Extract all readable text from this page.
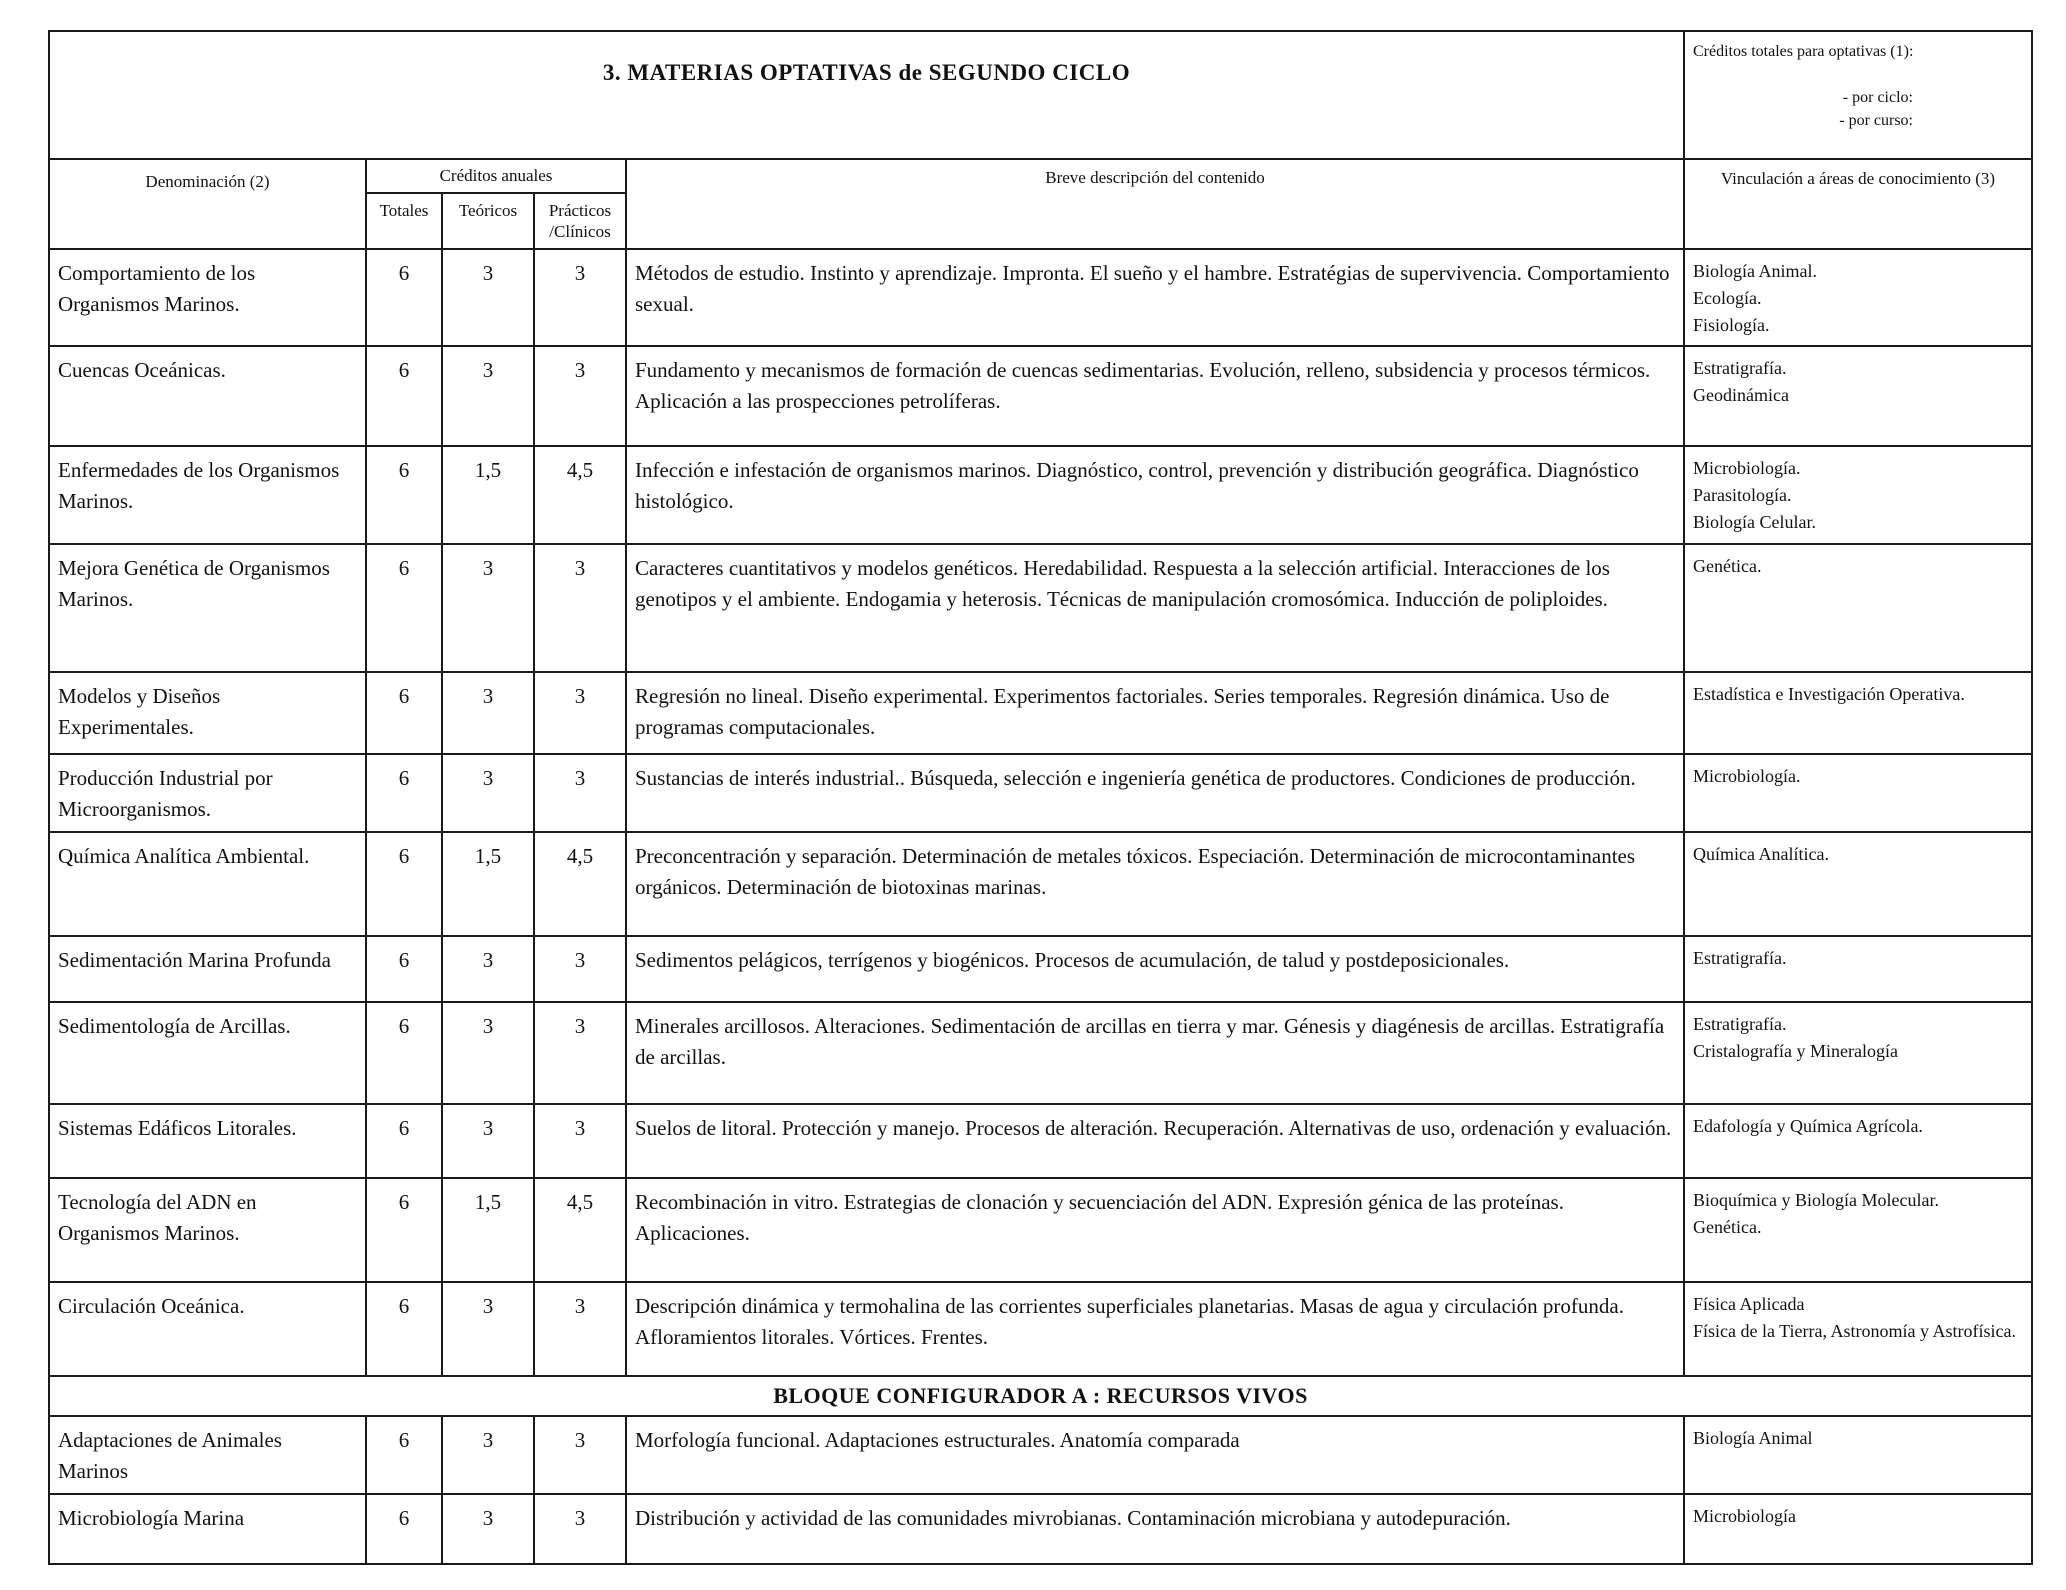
3. MATERIAS OPTATIVAS de SEGUNDO CICLO					Créditos totales para optativas (1):

- por ciclo:
- por curso:

Denominación (2)	Créditos anuales			Breve descripción del contenido	Vinculación a áreas de conocimiento (3)
	Totales	Teóricos	Prácticos /Clínicos		
Comportamiento de los Organismos Marinos.	6	3	3	Métodos de estudio. Instinto y aprendizaje. Impronta. El sueño y el hambre. Estratégias de supervivencia. Comportamiento sexual.	Biología Animal.
Ecología.
Fisiología.

Cuencas Oceánicas.	6	3	3	Fundamento y mecanismos de formación de cuencas sedimentarias. Evolución, relleno, subsidencia y procesos térmicos. Aplicación a las prospecciones petrolíferas.	Estratigrafía.
Geodinámica

Enfermedades de los Organismos Marinos.	6	1,5	4,5	Infección e infestación de organismos marinos. Diagnóstico, control, prevención y distribución geográfica. Diagnóstico histológico.	Microbiología.
Parasitología.
Biología Celular.

Mejora Genética de Organismos Marinos.	6	3	3	Caracteres cuantitativos y modelos genéticos. Heredabilidad. Respuesta a la selección artificial. Interacciones de los genotipos y el ambiente. Endogamia y heterosis. Técnicas de manipulación cromosómica. Inducción de poliploides.	Genética.

Modelos y Diseños Experimentales.	6	3	3	Regresión no lineal. Diseño experimental. Experimentos factoriales. Series temporales. Regresión dinámica. Uso de programas computacionales.	Estadística e Investigación Operativa.

Producción Industrial por Microorganismos.	6	3	3	Sustancias de interés industrial.. Búsqueda, selección e ingeniería genética de productores. Condiciones de producción.	Microbiología.

Química Analítica Ambiental.	6	1,5	4,5	Preconcentración y separación. Determinación de metales tóxicos. Especiación. Determinación de microcontaminantes orgánicos. Determinación de biotoxinas marinas.	Química Analítica.

Sedimentación Marina Profunda	6	3	3	Sedimentos pelágicos, terrígenos y biogénicos. Procesos de acumulación, de talud y postdeposicionales.	Estratigrafía.

Sedimentología de Arcillas.	6	3	3	Minerales arcillosos. Alteraciones. Sedimentación de arcillas en tierra y mar. Génesis y diagénesis de arcillas. Estratigrafía de arcillas.	Estratigrafía.
Cristalografía y Mineralogía

Sistemas Edáficos Litorales.	6	3	3	Suelos de litoral. Protección y manejo. Procesos de alteración. Recuperación. Alternativas de uso, ordenación y evaluación.	Edafología y Química Agrícola.

Tecnología del ADN en Organismos Marinos.	6	1,5	4,5	Recombinación in vitro. Estrategias de clonación y secuenciación del ADN. Expresión génica de las proteínas. Aplicaciones.	Bioquímica y Biología Molecular.
Genética.

Circulación Oceánica.	6	3	3	Descripción dinámica y termohalina de las corrientes superficiales planetarias. Masas de agua y circulación profunda. Afloramientos litorales. Vórtices. Frentes.	Física Aplicada
Física de la Tierra, Astronomía y Astrofísica.

BLOQUE CONFIGURADOR A : RECURSOS VIVOS					
Adaptaciones de Animales Marinos	6	3	3	Morfología funcional. Adaptaciones estructurales. Anatomía comparada	Biología Animal

Microbiología Marina	6	3	3	Distribución y actividad de las comunidades mivrobianas. Contaminación microbiana y autodepuración.	Microbiología
